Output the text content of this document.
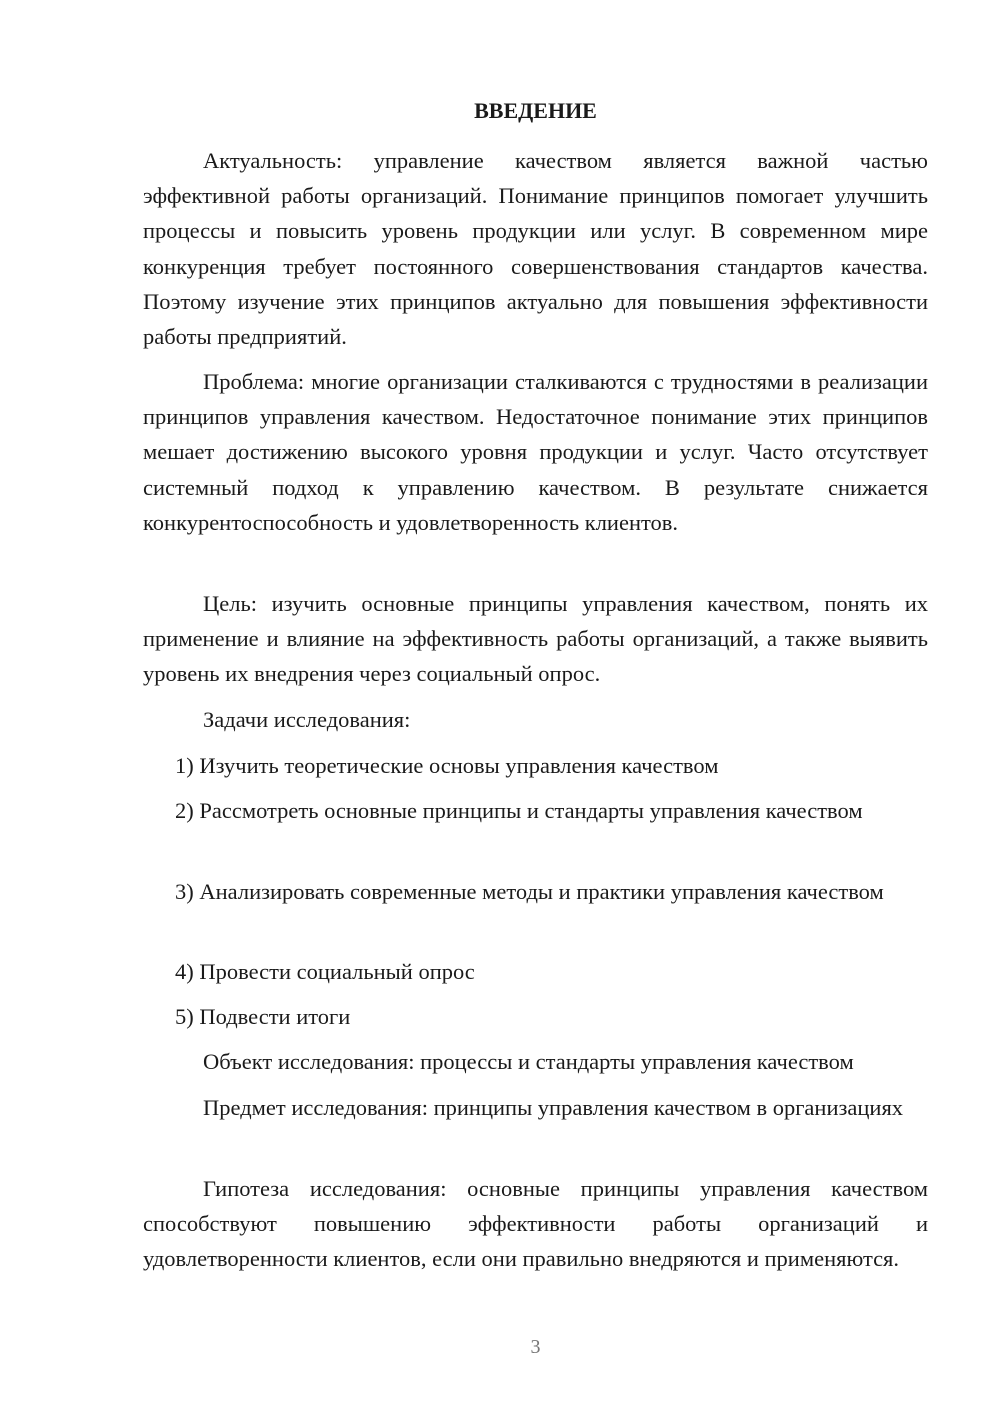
ВВЕДЕНИЕ

Актуальность: управление качеством является важной частью эффективной работы организаций. Понимание принципов помогает улучшить процессы и повысить уровень продукции или услуг. В современном мире конкуренция требует постоянного совершенствования стандартов качества. Поэтому изучение этих принципов актуально для повышения эффективности работы предприятий.

Проблема: многие организации сталкиваются с трудностями в реализации принципов управления качеством. Недостаточное понимание этих принципов мешает достижению высокого уровня продукции и услуг. Часто отсутствует системный подход к управлению качеством. В результате снижается конкурентоспособность и удовлетворенность клиентов.

Цель: изучить основные принципы управления качеством, понять их применение и влияние на эффективность работы организаций, а также выявить уровень их внедрения через социальный опрос.

Задачи исследования:

1) Изучить теоретические основы управления качеством

2) Рассмотреть основные принципы и стандарты управления качеством

3) Анализировать современные методы и практики управления качеством

4) Провести социальный опрос

5) Подвести итоги

Объект исследования: процессы и стандарты управления качеством

Предмет исследования: принципы управления качеством в организациях

Гипотеза исследования: основные принципы управления качеством способствуют повышению эффективности работы организаций и удовлетворенности клиентов, если они правильно внедряются и применяются.

3
